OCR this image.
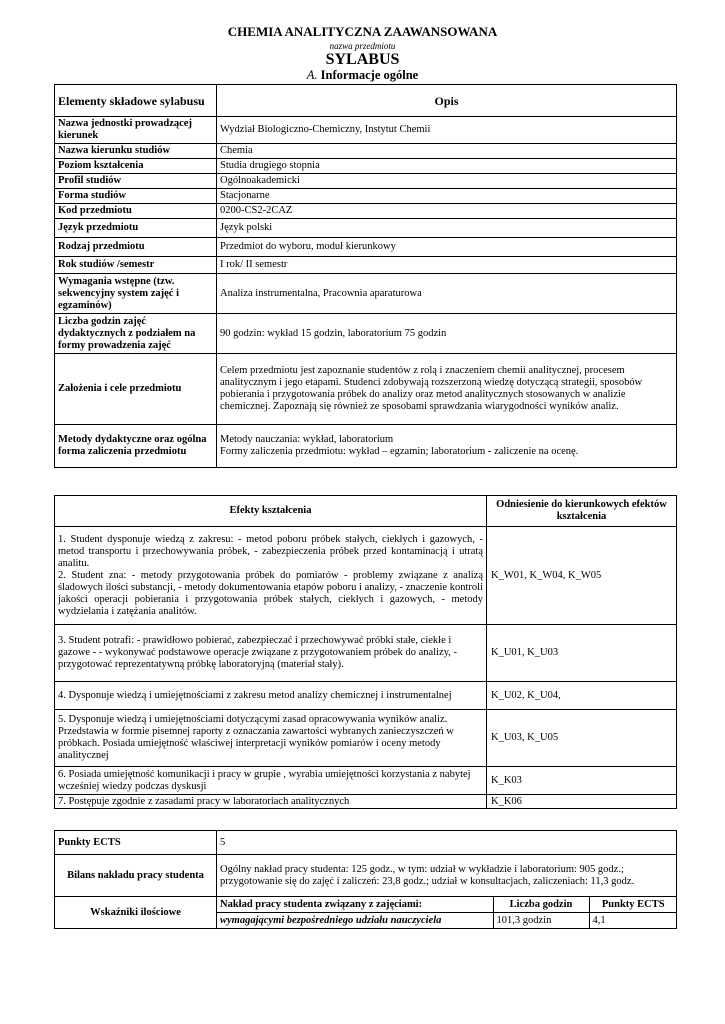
CHEMIA ANALITYCZNA ZAAWANSOWANA
nazwa przedmiotu
SYLABUS
A. Informacje ogólne
Elementy składowe sylabusu	Opis
Nazwa jednostki prowadzącej kierunek	Wydział Biologiczno-Chemiczny, Instytut Chemii
Nazwa kierunku studiów	Chemia
Poziom kształcenia	Studia drugiego stopnia
Profil studiów	Ogólnoakademicki
Forma studiów	Stacjonarne
Kod przedmiotu	0200-CS2-2CAZ
Język przedmiotu	Język polski
Rodzaj przedmiotu	Przedmiot do wyboru, moduł kierunkowy
Rok studiów /semestr	I rok/ II semestr
Wymagania wstępne (tzw. sekwencyjny system zajęć i egzaminów)	Analiza instrumentalna, Pracownia aparaturowa
Liczba godzin zajęć dydaktycznych z podziałem na formy prowadzenia zajęć	90 godzin: wykład 15 godzin, laboratorium 75 godzin
Założenia i cele przedmiotu	Celem przedmiotu jest zapoznanie studentów z rolą i znaczeniem chemii analitycznej, procesem analitycznym i jego etapami. Studenci zdobywają rozszerzoną wiedzę dotyczącą strategii, sposobów pobierania i przygotowania próbek do analizy oraz metod analitycznych stosowanych w analizie chemicznej. Zapoznają się również ze sposobami sprawdzania wiarygodności wyników analiz.
Metody dydaktyczne oraz ogólna forma zaliczenia przedmiotu	Metody nauczania: wykład, laboratorium
Formy zaliczenia przedmiotu: wykład – egzamin; laboratorium - zaliczenie na ocenę.
Efekty kształcenia	Odniesienie do kierunkowych efektów kształcenia

1. Student dysponuje wiedzą z zakresu: - metod poboru próbek stałych, ciekłych i gazowych, - metod transportu i przechowywania próbek, - zabezpieczenia próbek przed kontaminacją i utratą analitu.
2. Student zna: - metody przygotowania próbek do pomiarów - problemy związane z analizą śladowych ilości substancji, - metody dokumentowania etapów poboru i analizy, - znaczenie kontroli jakości operacji pobierania i przygotowania próbek stałych, ciekłych i gazowych, - metody wydzielania i zatężania analitów.	K_W01, K_W04, K_W05
3. Student potrafi: - prawidłowo pobierać, zabezpieczać i przechowywać próbki stałe, ciekłe i gazowe - - wykonywać podstawowe operacje związane z przygotowaniem próbek do analizy, - przygotować reprezentatywną próbkę laboratoryjną (materiał stały).	K_U01, K_U03
4. Dysponuje wiedzą i umiejętnościami z zakresu metod analizy chemicznej i instrumentalnej	K_U02, K_U04,
5. Dysponuje wiedzą i umiejętnościami dotyczącymi zasad opracowywania wyników analiz. Przedstawia w formie pisemnej raporty z oznaczania zawartości wybranych zanieczyszczeń w próbkach. Posiada umiejętność właściwej interpretacji wyników pomiarów i oceny metody analitycznej	K_U03, K_U05
6. Posiada umiejętność komunikacji i pracy w grupie , wyrabia umiejętności korzystania z nabytej wcześniej wiedzy podczas dyskusji	K_K03
7. Postępuje zgodnie z zasadami pracy w laboratoriach analitycznych	K_K06
Punkty ECTS	5
Bilans nakładu pracy studenta	Ogólny nakład pracy studenta: 125 godz., w tym: udział w wykładzie i laboratorium: 905 godz.; przygotowanie się do zajęć i zaliczeń: 23,8 godz.; udział w konsultacjach, zaliczeniach: 11,3 godz.
Wskaźniki ilościowe	
Nakład pracy studenta związany z zajęciami:	Liczba godzin	Punkty ECTS
wymagającymi bezpośredniego udziału nauczyciela	101,3 godzin	4,1
